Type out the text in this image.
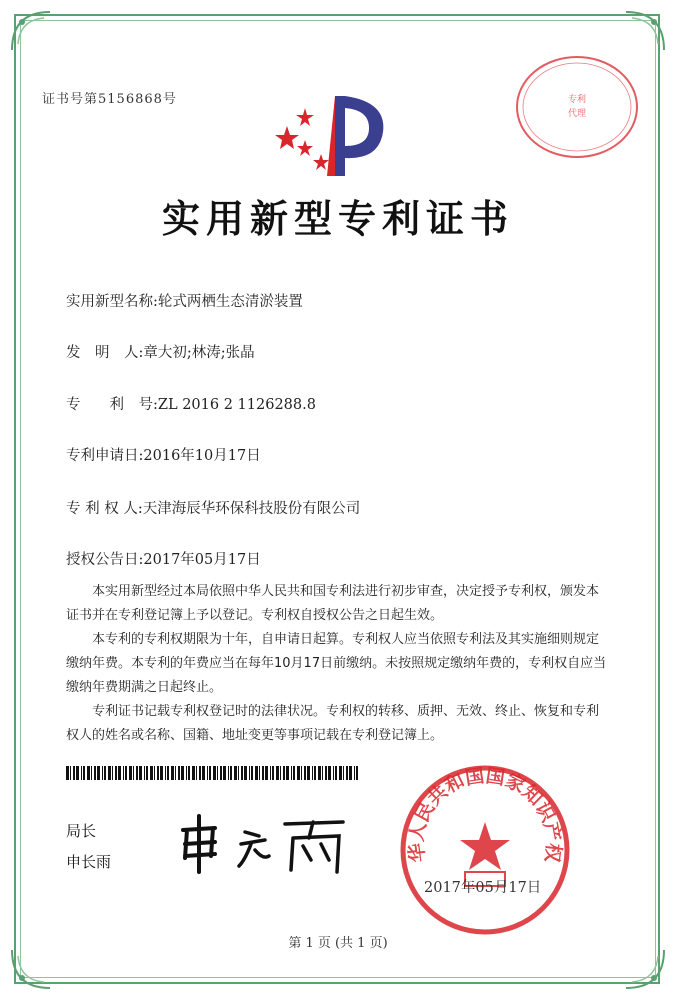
证书号第5156868号	专利
代理
实用新型专利证书
实用新型名称:轮式两栖生态清淤装置
发　明　人:章大初;林涛;张晶
专　　利　号:ZL 2016 2 1126288.8
专利申请日:2016年10月17日
专 利 权 人:天津海辰华环保科技股份有限公司
授权公告日:2017年05月17日

本实用新型经过本局依照中华人民共和国专利法进行初步审查，决定授予专利权，颁发本证书并在专利登记簿上予以登记。专利权自授权公告之日起生效。

本专利的专利权期限为十年，自申请日起算。专利权人应当依照专利法及其实施细则规定缴纳年费。本专利的年费应当在每年10月17日前缴纳。未按照规定缴纳年费的，专利权自应当缴纳年费期满之日起终止。

专利证书记载专利权登记时的法律状况。专利权的转移、质押、无效、终止、恢复和专利权人的姓名或名称、国籍、地址变更等事项记载在专利登记簿上。

局长
申长雨	华人民共和国国家知识产权
2017年05月17日
第 1 页 (共 1 页)
